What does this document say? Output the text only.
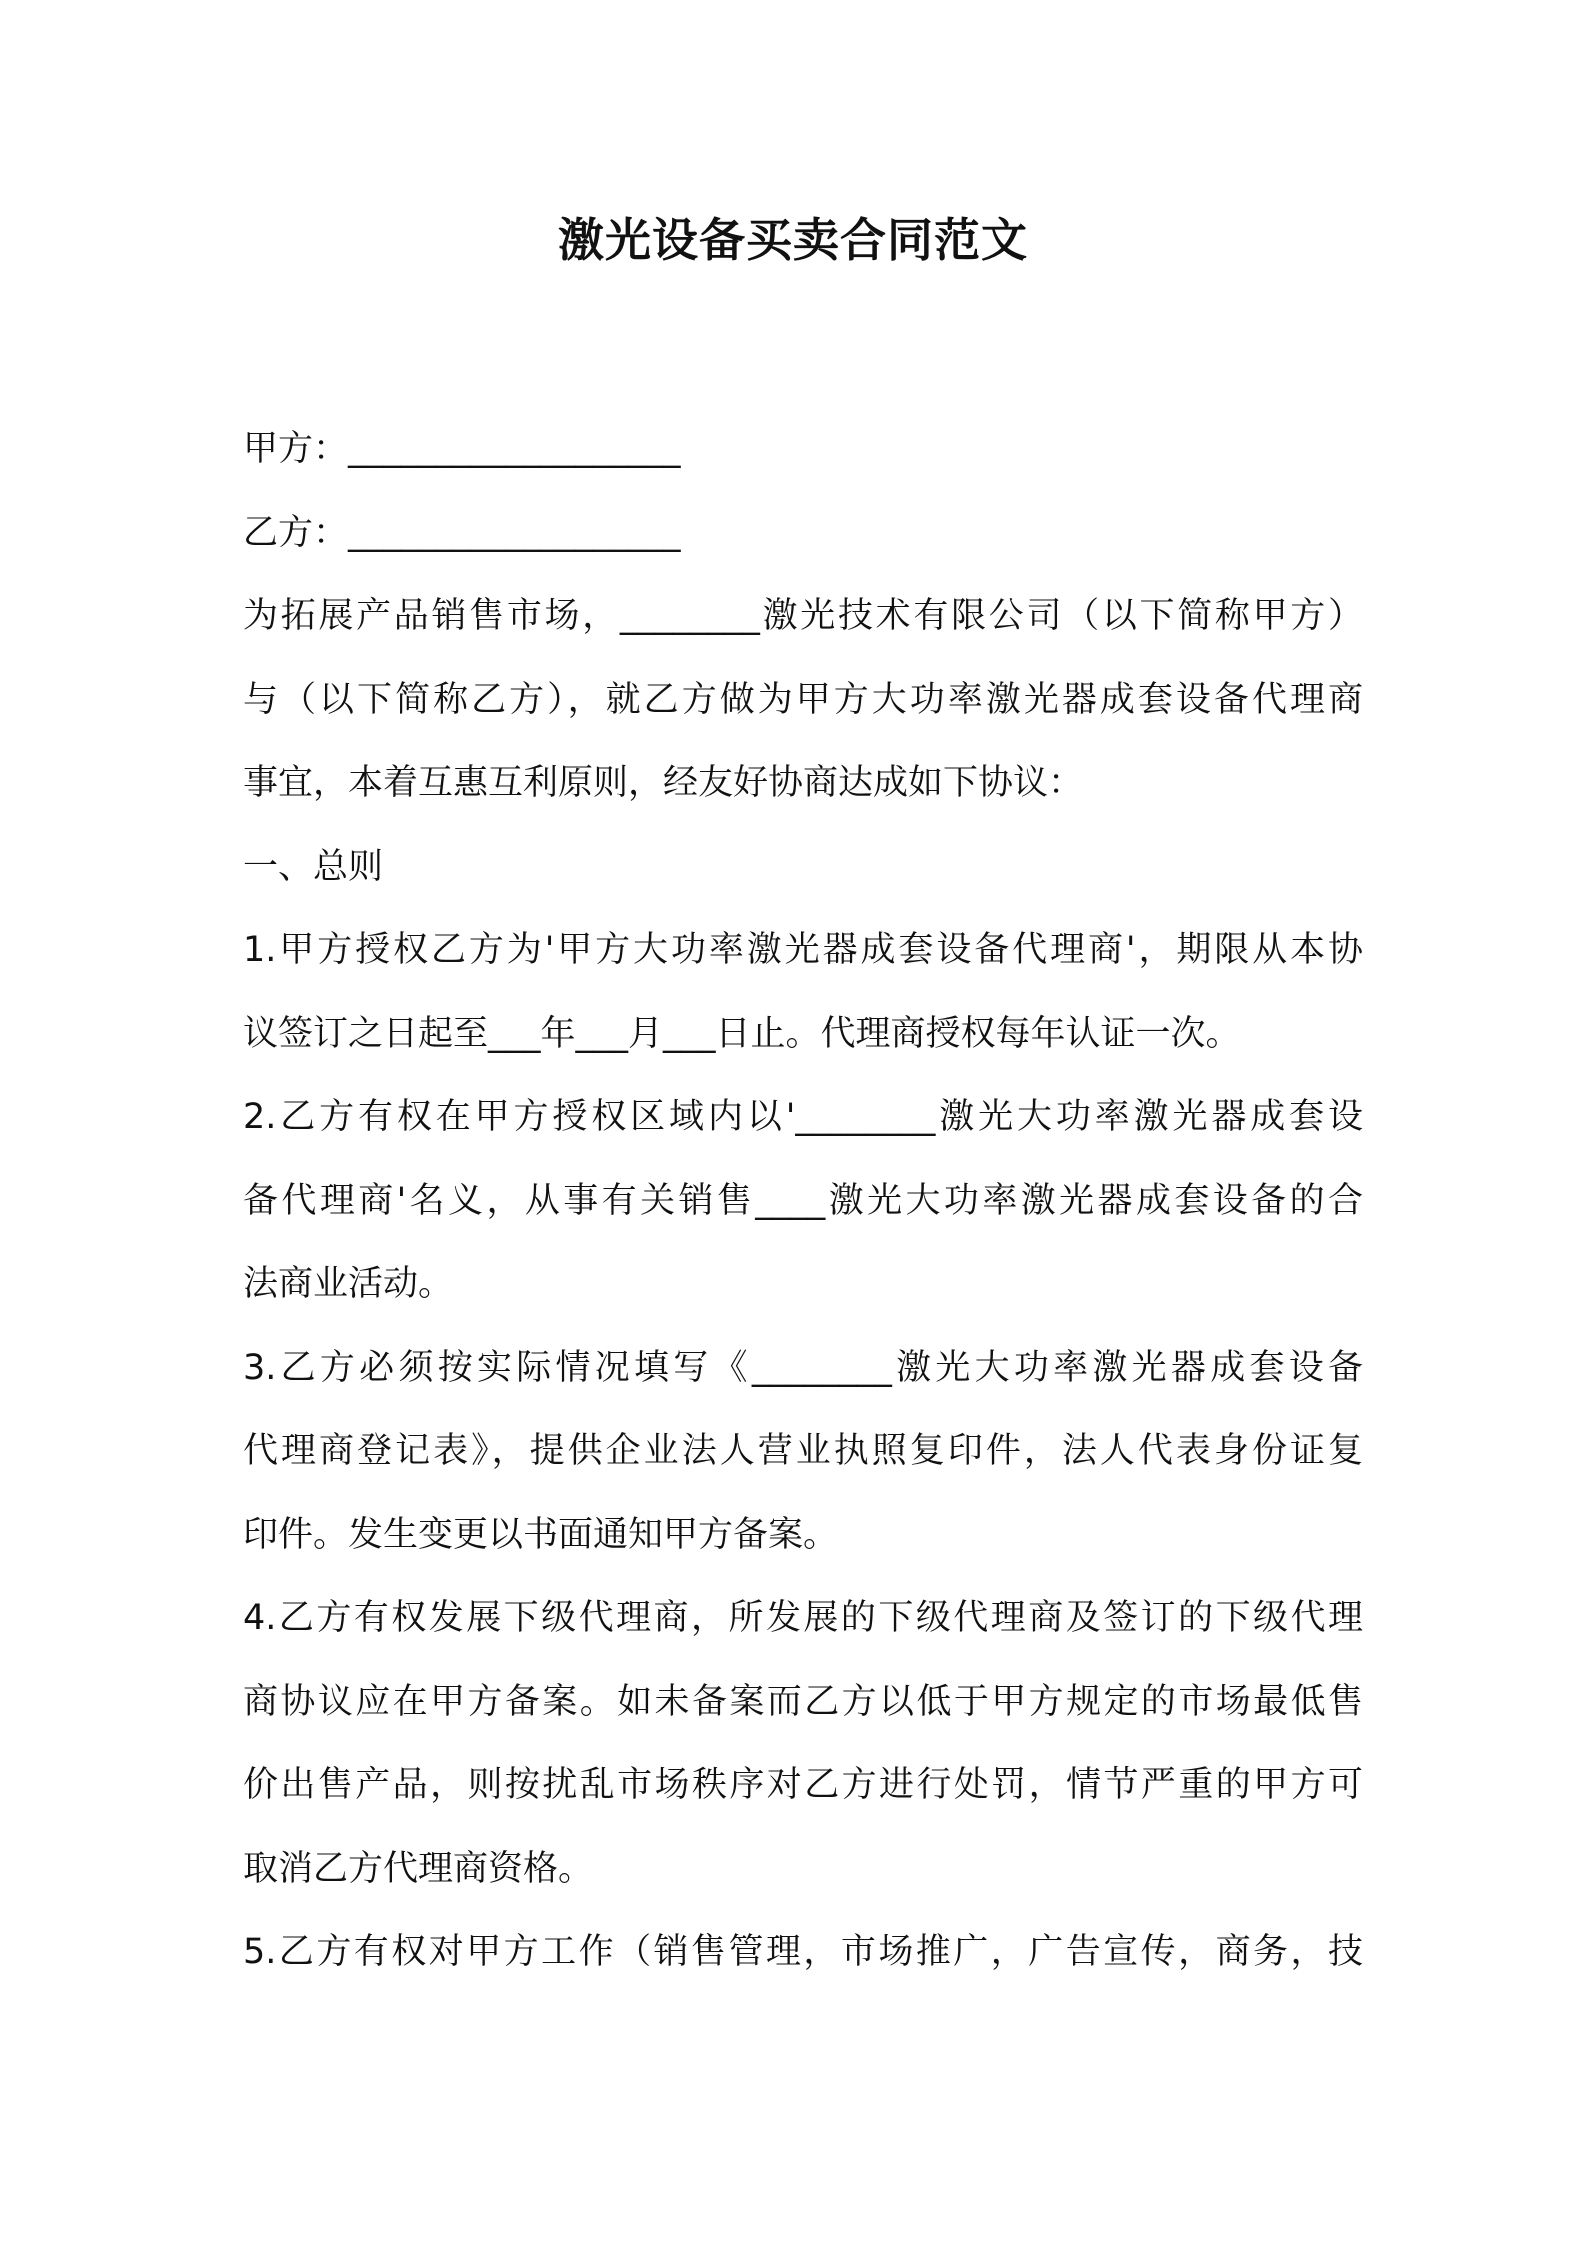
激光设备买卖合同范文
甲方：___________________
乙方：___________________
为拓展产品销售市场，________激光技术有限公司（以下简称甲方）
与（以下简称乙方），就乙方做为甲方大功率激光器成套设备代理商
事宜，本着互惠互利原则，经友好协商达成如下协议：
一、总则
1.甲方授权乙方为'甲方大功率激光器成套设备代理商'，期限从本协
议签订之日起至___年___月___日止。代理商授权每年认证一次。
2.乙方有权在甲方授权区域内以'________激光大功率激光器成套设
备代理商'名义，从事有关销售____激光大功率激光器成套设备的合
法商业活动。
3.乙方必须按实际情况填写《________激光大功率激光器成套设备
代理商登记表》，提供企业法人营业执照复印件，法人代表身份证复
印件。发生变更以书面通知甲方备案。
4.乙方有权发展下级代理商，所发展的下级代理商及签订的下级代理
商协议应在甲方备案。如未备案而乙方以低于甲方规定的市场最低售
价出售产品，则按扰乱市场秩序对乙方进行处罚，情节严重的甲方可
取消乙方代理商资格。
5.乙方有权对甲方工作（销售管理，市场推广，广告宣传，商务，技
